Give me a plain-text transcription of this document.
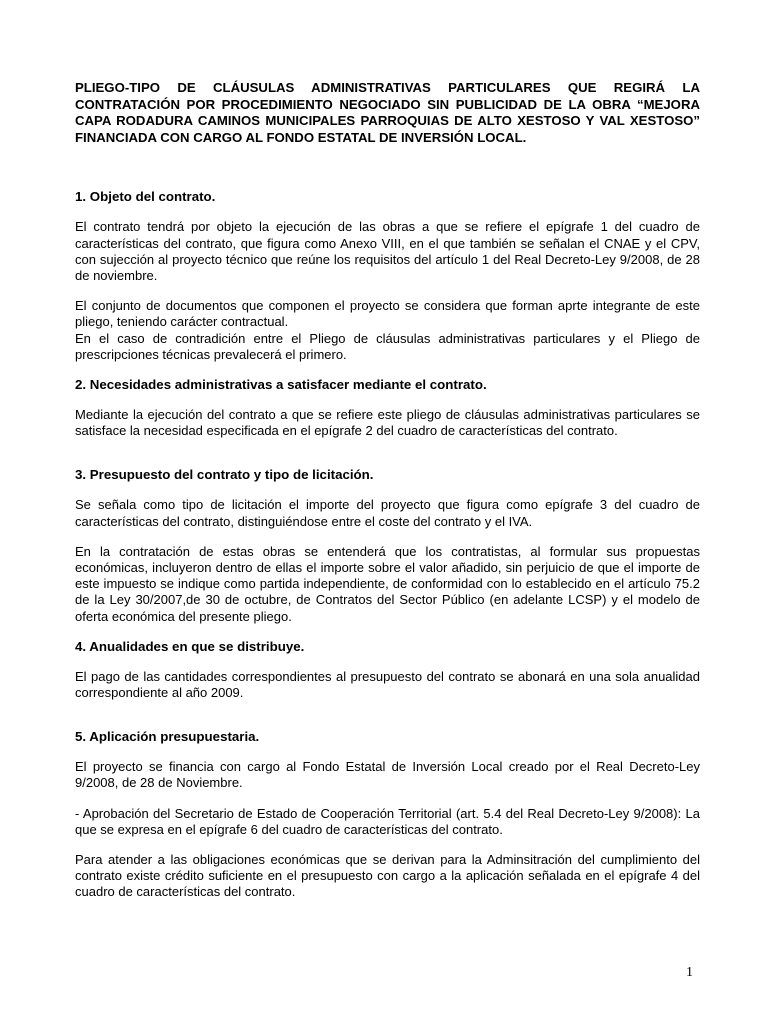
PLIEGO-TIPO DE CLÁUSULAS ADMINISTRATIVAS PARTICULARES QUE REGIRÁ LA CONTRATACIÓN POR PROCEDIMIENTO NEGOCIADO SIN PUBLICIDAD DE LA OBRA “MEJORA CAPA RODADURA CAMINOS MUNICIPALES PARROQUIAS DE ALTO XESTOSO Y VAL XESTOSO” FINANCIADA CON CARGO AL FONDO ESTATAL DE INVERSIÓN LOCAL.

1. Objeto del contrato.

El contrato tendrá por objeto la ejecución de las obras a que se refiere el epígrafe 1 del cuadro de características del contrato, que figura como Anexo VIII, en el que también se señalan el CNAE y el CPV, con sujección al proyecto técnico que reúne los requisitos del artículo 1 del Real Decreto-Ley 9/2008, de 28 de noviembre.

El conjunto de documentos que componen el proyecto se considera que forman aprte integrante de este pliego, teniendo carácter contractual.

En el caso de contradición entre el Pliego de cláusulas administrativas particulares y el Pliego de prescripciones técnicas prevalecerá el primero.

2. Necesidades administrativas a satisfacer mediante el contrato.

Mediante la ejecución del contrato a que se refiere este pliego de cláusulas administrativas particulares se satisface la necesidad especificada en el epígrafe 2 del cuadro de características del contrato.

3. Presupuesto del contrato y tipo de licitación.

Se señala como tipo de licitación el importe del proyecto que figura como epígrafe 3 del cuadro de características del contrato, distinguiéndose entre el coste del contrato y el IVA.

En la contratación de estas obras se entenderá que los contratistas, al formular sus propuestas económicas, incluyeron dentro de ellas el importe sobre el valor añadido, sin perjuicio de que el importe de este impuesto se indique como partida independiente, de conformidad con lo establecido en el artículo 75.2 de la Ley 30/2007,de 30 de octubre, de Contratos del Sector Público (en adelante LCSP) y el modelo de oferta económica del presente pliego.

4. Anualidades en que se distribuye.

El pago de las cantidades correspondientes al presupuesto del contrato se abonará en una sola anualidad correspondiente al año 2009.

5. Aplicación presupuestaria.

El proyecto se financia con cargo al Fondo Estatal de Inversión Local creado por el Real Decreto-Ley 9/2008, de 28 de Noviembre.

- Aprobación del Secretario de Estado de Cooperación Territorial (art. 5.4 del Real Decreto-Ley 9/2008): La que se expresa en el epígrafe 6 del cuadro de características del contrato.

Para atender a las obligaciones económicas que se derivan para la Adminsitración del cumplimiento del contrato existe crédito suficiente en el presupuesto con cargo a la aplicación señalada en el epígrafe 4 del cuadro de características del contrato.

1
